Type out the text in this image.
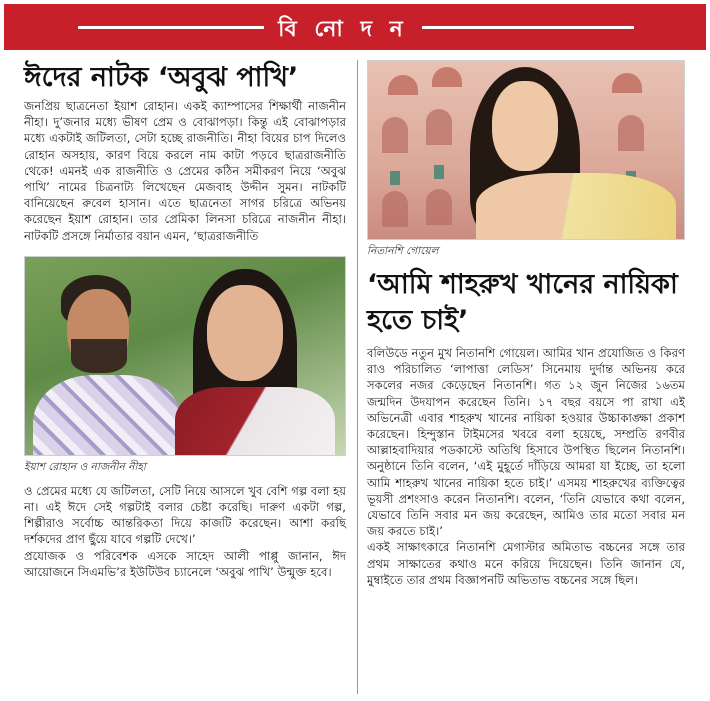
বি নো দ ন
ঈদের নাটক ‘অবুঝ পাখি’

জনপ্রিয় ছাত্রনেতা ইয়াশ রোহান। একই ক্যাম্পাসের শিক্ষার্থী নাজনীন নীহা। দু’জনার মধ্যে ভীষণ প্রেম ও বোঝাপড়া। কিন্তু এই বোঝাপড়ার মধ্যে একটাই জটিলতা, সেটা হচ্ছে রাজনীতি। নীহা বিয়ের চাপ দিলেও রোহান অসহায়, কারণ বিয়ে করলে নাম কাটা পড়বে ছাত্ররাজনীতি থেকে! এমনই এক রাজনীতি ও প্রেমের কঠিন সমীকরণ নিয়ে ‘অবুঝ পাখি’ নামের চিত্রনাট্য লিখেছেন মেজবাহ উদ্দীন সুমন। নাটকটি বানিয়েছেন রুবেল হাসান। এতে ছাত্রনেতা সাগর চরিত্রে অভিনয় করেছেন ইয়াশ রোহান। তার প্রেমিকা লিনসা চরিত্রে নাজনীন নীহা। নাটকটি প্রসঙ্গে নির্মাতার বয়ান এমন, ‘ছাত্ররাজনীতি

ইয়াশ রোহান ও নাজনীন নীহা

ও প্রেমের মধ্যে যে জটিলতা, সেটি নিয়ে আসলে খুব বেশি গল্প বলা হয় না। এই ঈদে সেই গল্পটাই বলার চেষ্টা করেছি। দারুণ একটা গল্প, শিল্পীরাও সর্বোচ্চ আন্তরিকতা দিয়ে কাজটি করেছেন। আশা করছি দর্শকদের প্রাণ ছুঁয়ে যাবে গল্পটি দেখে।’

প্রযোজক ও পরিবেশক এসকে সাহেদ আলী পাপ্পু জানান, ঈদ আয়োজনে সিএমভি’র ইউটিউব চ্যানেলে ‘অবুঝ পাখি’ উন্মুক্ত হবে।

নিতানশি গোয়েল
‘আমি শাহরুখ খানের নায়িকা হতে চাই’

বলিউডে নতুন মুখ নিতানশি গোয়েল। আমির খান প্রযোজিত ও কিরণ রাও পরিচালিত ‘লাপাত্তা লেডিস’ সিনেমায় দুর্দান্ত অভিনয় করে সকলের নজর কেড়েছেন নিতানশি। গত ১২ জুন নিজের ১৬তম জন্মদিন উদযাপন করেছেন তিনি। ১৭ বছর বয়সে পা রাখা এই অভিনেত্রী এবার শাহরুখ খানের নায়িকা হওয়ার উচ্চাকাঙ্ক্ষা প্রকাশ করেছেন। হিন্দুস্তান টাইমসের খবরে বলা হয়েছে, সম্প্রতি রণবীর আল্লাহবাদিয়ার পডকাস্টে অতিথি হিসাবে উপস্থিত ছিলেন নিতানশি। অনুষ্ঠানে তিনি বলেন, ‘এই মুহূর্তে দাঁড়িয়ে আমরা যা ইচ্ছে, তা হলো আমি শাহরুখ খানের নায়িকা হতে চাই।’ এসময় শাহরুখের ব্যক্তিত্বের ভূয়সী প্রশংসাও করেন নিতানশি। বলেন, ‘তিনি যেভাবে কথা বলেন, যেভাবে তিনি সবার মন জয় করেছেন, আমিও তার মতো সবার মন জয় করতে চাই।’

একই সাক্ষাৎকারে নিতানশি মেগাস্টার অমিতাভ বচ্চনের সঙ্গে তার প্রথম সাক্ষাতের কথাও মনে করিয়ে দিয়েছেন। তিনি জানান যে, মুম্বাইতে তার প্রথম বিজ্ঞাপনটি অভিতাভ বচ্চনের সঙ্গে ছিল।
